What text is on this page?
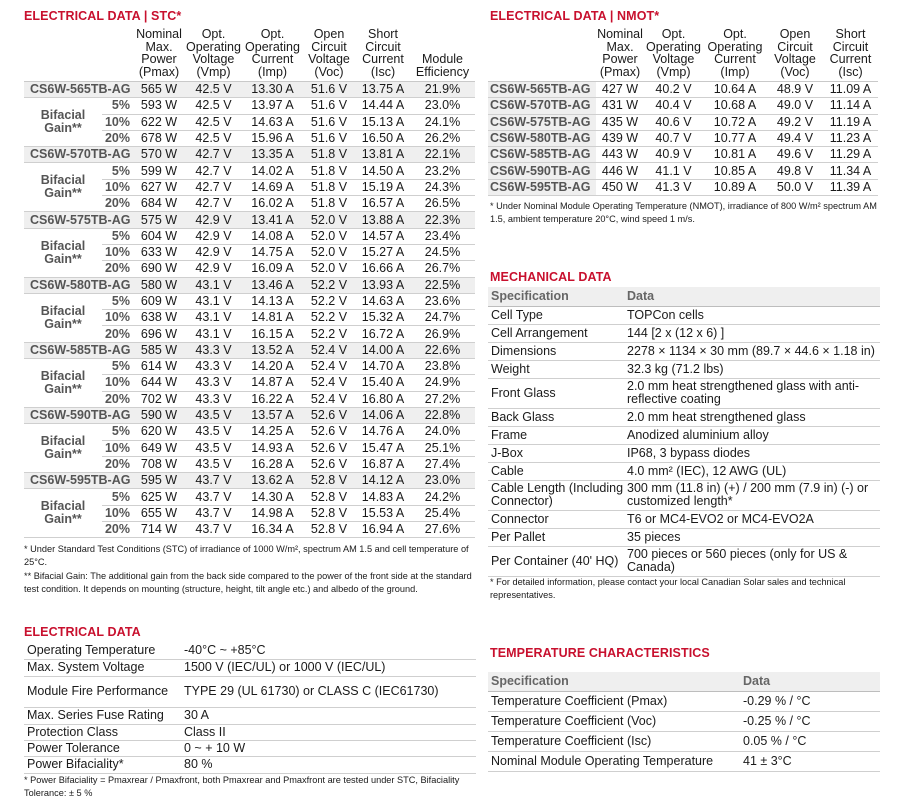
ELECTRICAL DATA | STC*	ELECTRICAL DATA | NMOT*
MECHANICAL DATA
ELECTRICAL DATA
TEMPERATURE CHARACTERISTICS
		Nominal
Max.
Power
(Pmax)	Opt.
Operating
Voltage
(Vmp)	Opt.
Operating
Current
(Imp)	Open
Circuit
Voltage
(Voc)	Short
Circuit
Current
(Isc)	Module
Efficiency
CS6W-565TB-AG		565 W	42.5 V	13.30 A	51.6 V	13.75 A	21.9%
Bifacial Gain**	5%	593 W	42.5 V	13.97 A	51.6 V	14.44 A	23.0%
	10%	622 W	42.5 V	14.63 A	51.6 V	15.13 A	24.1%
	20%	678 W	42.5 V	15.96 A	51.6 V	16.50 A	26.2%
CS6W-570TB-AG		570 W	42.7 V	13.35 A	51.8 V	13.81 A	22.1%
Bifacial Gain**	5%	599 W	42.7 V	14.02 A	51.8 V	14.50 A	23.2%
	10%	627 W	42.7 V	14.69 A	51.8 V	15.19 A	24.3%
	20%	684 W	42.7 V	16.02 A	51.8 V	16.57 A	26.5%
CS6W-575TB-AG		575 W	42.9 V	13.41 A	52.0 V	13.88 A	22.3%
Bifacial Gain**	5%	604 W	42.9 V	14.08 A	52.0 V	14.57 A	23.4%
	10%	633 W	42.9 V	14.75 A	52.0 V	15.27 A	24.5%
	20%	690 W	42.9 V	16.09 A	52.0 V	16.66 A	26.7%
CS6W-580TB-AG		580 W	43.1 V	13.46 A	52.2 V	13.93 A	22.5%
Bifacial Gain**	5%	609 W	43.1 V	14.13 A	52.2 V	14.63 A	23.6%
	10%	638 W	43.1 V	14.81 A	52.2 V	15.32 A	24.7%
	20%	696 W	43.1 V	16.15 A	52.2 V	16.72 A	26.9%
CS6W-585TB-AG		585 W	43.3 V	13.52 A	52.4 V	14.00 A	22.6%
Bifacial Gain**	5%	614 W	43.3 V	14.20 A	52.4 V	14.70 A	23.8%
	10%	644 W	43.3 V	14.87 A	52.4 V	15.40 A	24.9%
	20%	702 W	43.3 V	16.22 A	52.4 V	16.80 A	27.2%
CS6W-590TB-AG		590 W	43.5 V	13.57 A	52.6 V	14.06 A	22.8%
Bifacial Gain**	5%	620 W	43.5 V	14.25 A	52.6 V	14.76 A	24.0%
	10%	649 W	43.5 V	14.93 A	52.6 V	15.47 A	25.1%
	20%	708 W	43.5 V	16.28 A	52.6 V	16.87 A	27.4%
CS6W-595TB-AG		595 W	43.7 V	13.62 A	52.8 V	14.12 A	23.0%
Bifacial Gain**	5%	625 W	43.7 V	14.30 A	52.8 V	14.83 A	24.2%
	10%	655 W	43.7 V	14.98 A	52.8 V	15.53 A	25.4%
	20%	714 W	43.7 V	16.34 A	52.8 V	16.94 A	27.6%
* Under Standard Test Conditions (STC) of irradiance of 1000 W/m², spectrum AM 1.5 and cell temperature of 25°C.
** Bifacial Gain: The additional gain from the back side compared to the power of the front side at the standard test condition. It depends on mounting (structure, height, tilt angle etc.) and albedo of the ground.
	Nominal
Max.
Power
(Pmax)	Opt.
Operating
Voltage
(Vmp)	Opt.
Operating
Current
(Imp)	Open
Circuit
Voltage
(Voc)	Short
Circuit
Current
(Isc)
CS6W-565TB-AG	427 W	40.2 V	10.64 A	48.9 V	11.09 A
CS6W-570TB-AG	431 W	40.4 V	10.68 A	49.0 V	11.14 A
CS6W-575TB-AG	435 W	40.6 V	10.72 A	49.2 V	11.19 A
CS6W-580TB-AG	439 W	40.7 V	10.77 A	49.4 V	11.23 A
CS6W-585TB-AG	443 W	40.9 V	10.81 A	49.6 V	11.29 A
CS6W-590TB-AG	446 W	41.1 V	10.85 A	49.8 V	11.34 A
CS6W-595TB-AG	450 W	41.3 V	10.89 A	50.0 V	11.39 A
* Under Nominal Module Operating Temperature (NMOT), irradiance of 800 W/m² spectrum AM 1.5, ambient temperature 20°C, wind speed 1 m/s.
Specification	Data
Cell Type	TOPCon cells
Cell Arrangement	144 [2 x (12 x 6) ]
Dimensions	2278 × 1134 × 30 mm (89.7 × 44.6 × 1.18 in)
Weight	32.3 kg (71.2 lbs)
Front Glass	2.0 mm heat strengthened glass with anti-reflective coating
Back Glass	2.0 mm heat strengthened glass
Frame	Anodized aluminium alloy
J-Box	IP68, 3 bypass diodes
Cable	4.0 mm² (IEC), 12 AWG (UL)
Cable Length (Including Connector)	300 mm (11.8 in) (+) / 200 mm (7.9 in) (-) or customized length*
Connector	T6 or MC4-EVO2 or MC4-EVO2A
Per Pallet	35 pieces
Per Container (40' HQ)	700 pieces or 560 pieces (only for US & Canada)
* For detailed information, please contact your local Canadian Solar sales and technical representatives.
Operating Temperature	-40°C ~ +85°C
Max. System Voltage	1500 V (IEC/UL) or 1000 V (IEC/UL)
Module Fire Performance	TYPE 29 (UL 61730) or CLASS C (IEC61730)
Max. Series Fuse Rating	30 A
Protection Class	Class II
Power Tolerance	0 ~ + 10 W
Power Bifaciality*	80 %
* Power Bifaciality = Pmaxrear / Pmaxfront, both Pmaxrear and Pmaxfront are tested under STC, Bifaciality Tolerance: ± 5 %
Specification	Data
Temperature Coefficient (Pmax)	-0.29 % / °C
Temperature Coefficient (Voc)	-0.25 % / °C
Temperature Coefficient (Isc)	0.05 % / °C
Nominal Module Operating Temperature	41 ± 3°C
